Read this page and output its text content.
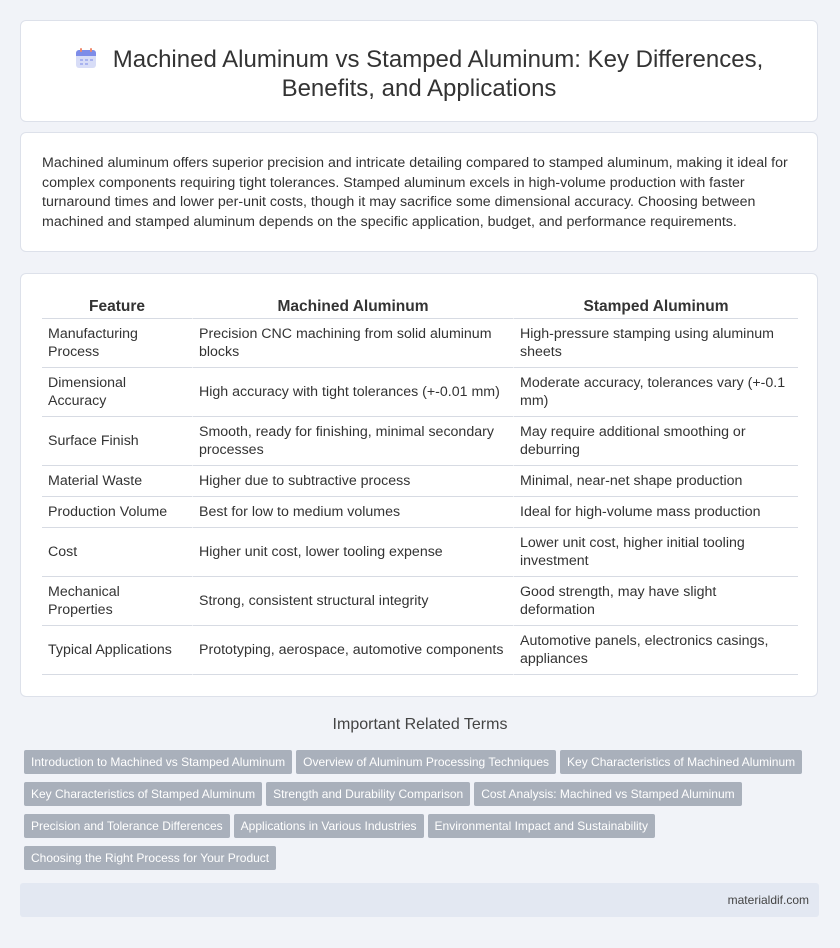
Machined Aluminum vs Stamped Aluminum: Key Differences,
Benefits, and Applications

Machined aluminum offers superior precision and intricate detailing compared to stamped aluminum, making it ideal for complex components requiring tight tolerances. Stamped aluminum excels in high-volume production with faster turnaround times and lower per-unit costs, though it may sacrifice some dimensional accuracy. Choosing between machined and stamped aluminum depends on the specific application, budget, and performance requirements.

Feature	Machined Aluminum	Stamped Aluminum
Manufacturing Process	Precision CNC machining from solid aluminum blocks	High-pressure stamping using aluminum sheets
Dimensional Accuracy	High accuracy with tight tolerances (+-0.01 mm)	Moderate accuracy, tolerances vary (+-0.1 mm)
Surface Finish	Smooth, ready for finishing, minimal secondary processes	May require additional smoothing or deburring
Material Waste	Higher due to subtractive process	Minimal, near-net shape production
Production Volume	Best for low to medium volumes	Ideal for high-volume mass production
Cost	Higher unit cost, lower tooling expense	Lower unit cost, higher initial tooling investment
Mechanical Properties	Strong, consistent structural integrity	Good strength, may have slight deformation
Typical Applications	Prototyping, aerospace, automotive components	Automotive panels, electronics casings, appliances
Important Related Terms
Introduction to Machined vs Stamped Aluminum Overview of Aluminum Processing Techniques Key Characteristics of Machined Aluminum
Key Characteristics of Stamped Aluminum Strength and Durability Comparison Cost Analysis: Machined vs Stamped Aluminum
Precision and Tolerance Differences Applications in Various Industries Environmental Impact and Sustainability
Choosing the Right Process for Your Product
materialdif.com
